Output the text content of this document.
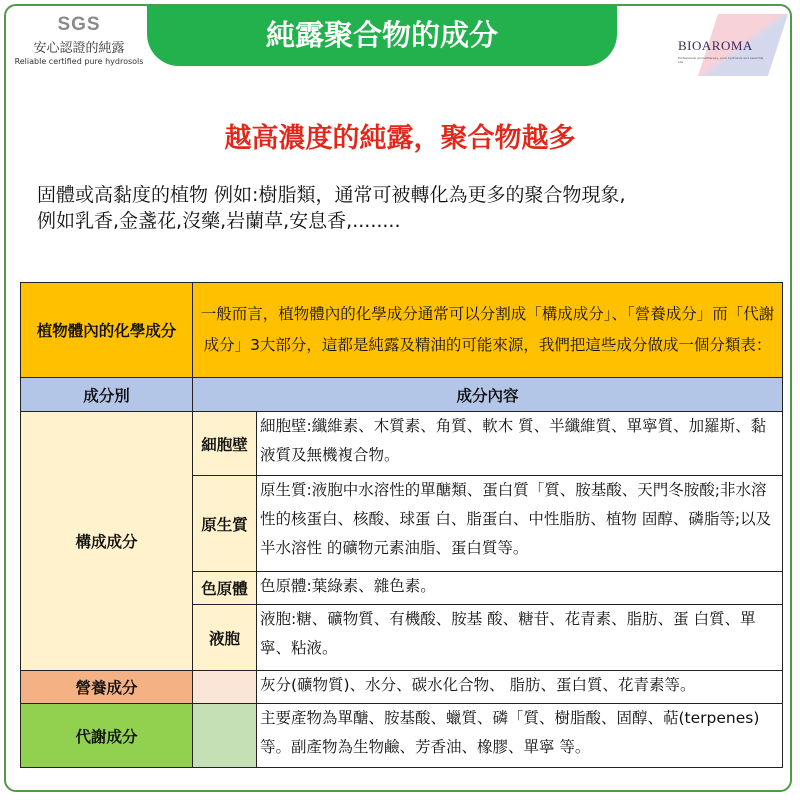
SGS
安心認證的純露
Reliable certified pure hydrosols
純露聚合物的成分	BIOAROMA
Professional aromatherapy, pure hydrosols and essential oils
越高濃度的純露，聚合物越多
固體或高黏度的植物 例如:樹脂類，通常可被轉化為更多的聚合物現象,
例如乳香,金盞花,沒藥,岩蘭草,安息香,........
植物體內的化學成分	一般而言，植物體內的化學成分通常可以分割成「構成成分」、「營養成分」而「代謝成分」3大部分，這都是純露及精油的可能來源，我們把這些成分做成一個分類表：	
成分別	成分內容	
構成成分	細胞壁	細胞壁:纖維素、木質素、角質、軟木 質、半纖維質、單寧質、加羅斯、黏液質及無機複合物。
	原生質	原生質:液胞中水溶性的單醣類、蛋白質「質、胺基酸、天門冬胺酸;非水溶性的核蛋白、核酸、球蛋 白、脂蛋白、中性脂肪、植物 固醇、磷脂等;以及半水溶性 的礦物元素油脂、蛋白質等。
	色原體	色原體:葉綠素、雜色素。
	液胞	液胞:糖、礦物質、有機酸、胺基 酸、糖苷、花青素、脂肪、蛋 白質、單寧、粘液。
營養成分		灰分(礦物質)、水分、碳水化合物、 脂肪、蛋白質、花青素等。
代謝成分		主要產物為單醣、胺基酸、蠟質、磷「質、樹脂酸、固醇、萜(terpenes)等。副產物為生物鹼、芳香油、橡膠、單寧 等。
